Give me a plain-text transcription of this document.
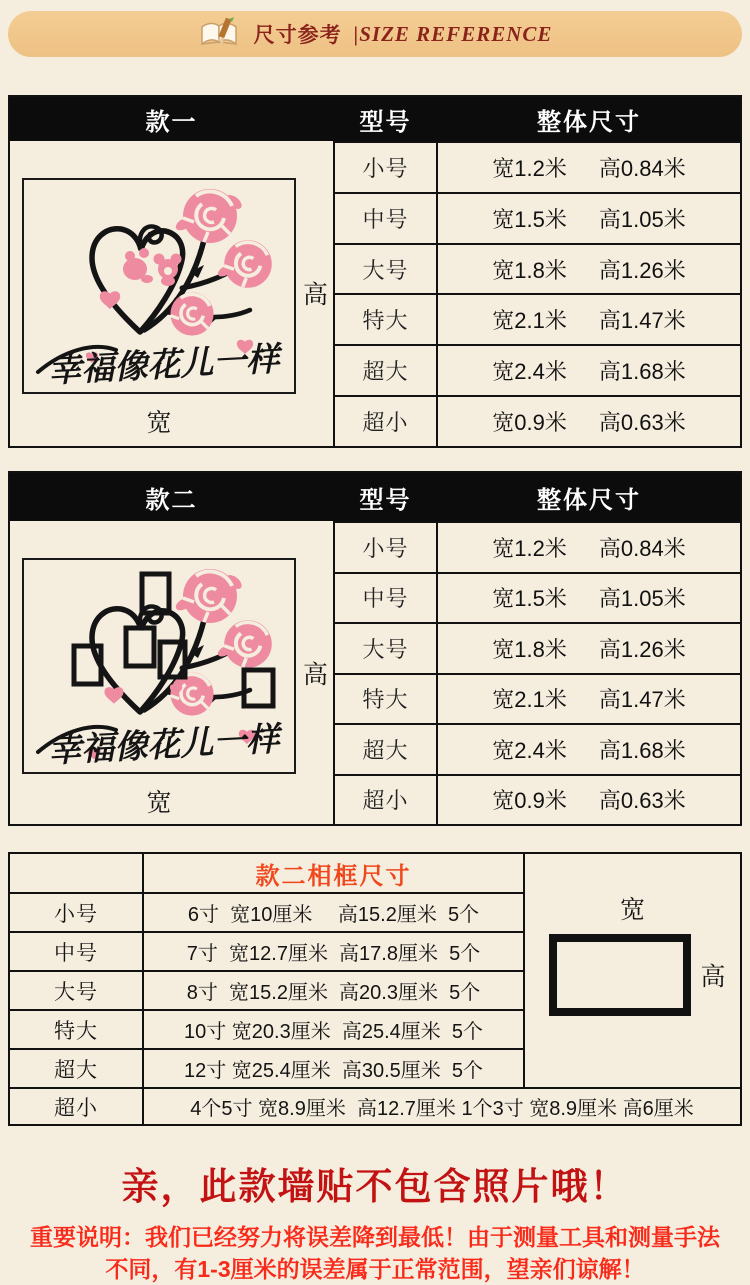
尺寸参考 |SIZE REFERENCE
款一	型号	整体尺寸
幸福像花儿一样
宽
高
小号	宽1.2米 高0.84米
中号	宽1.5米 高1.05米
大号	宽1.8米 高1.26米
特大	宽2.1米 高1.47米
超大	宽2.4米 高1.68米
超小	宽0.9米 高0.63米
款二	型号	整体尺寸
幸福像花儿一样
宽
高
小号	宽1.2米 高0.84米
中号	宽1.5米 高1.05米
大号	宽1.8米 高1.26米
特大	宽2.1米 高1.47米
超大	宽2.4米 高1.68米
超小	宽0.9米 高0.63米
款二相框尺寸
宽
高
小号	6寸  宽10厘米　 高15.2厘米  5个
中号	7寸  宽12.7厘米  高17.8厘米  5个
大号	8寸  宽15.2厘米  高20.3厘米  5个
特大	10寸 宽20.3厘米  高25.4厘米  5个
超大	12寸 宽25.4厘米  高30.5厘米  5个
超小	4个5寸 宽8.9厘米  高12.7厘米 1个3寸 宽8.9厘米 高6厘米
亲，此款墙贴不包含照片哦！
重要说明：我们已经努力将误差降到最低！由于测量工具和测量手法
不同，有1-3厘米的误差属于正常范围，望亲们谅解！
